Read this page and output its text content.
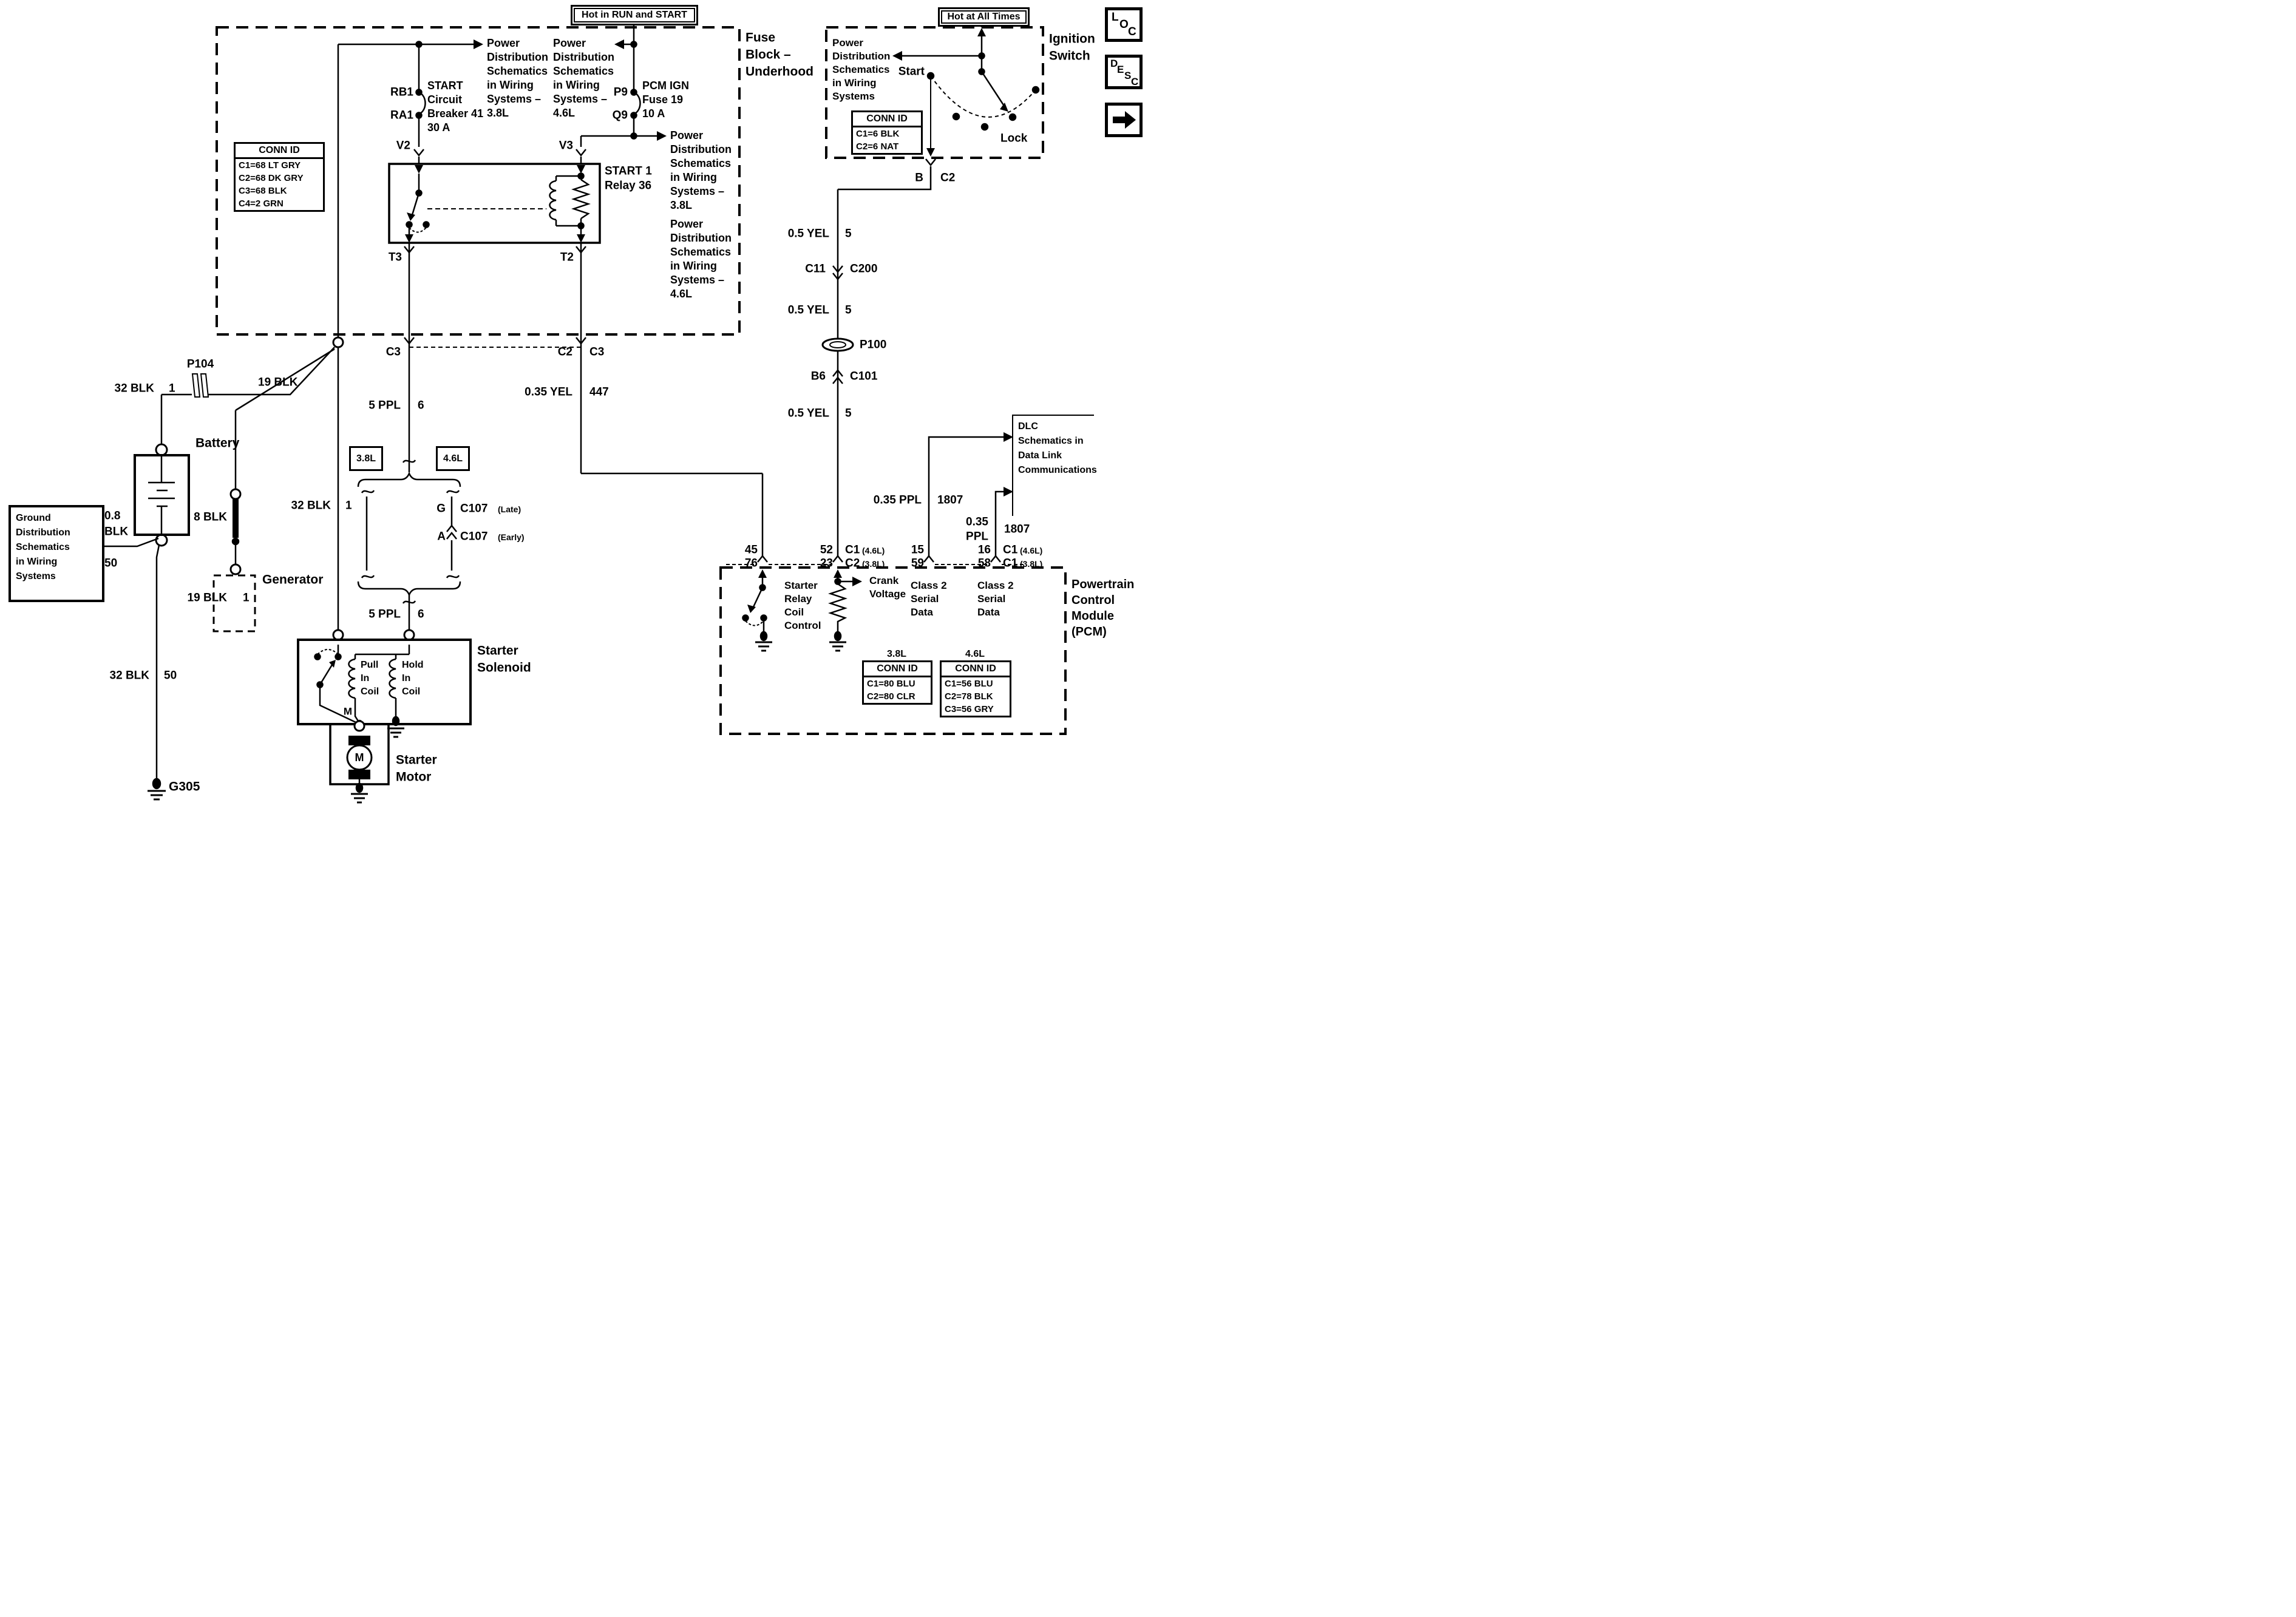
Hot in RUN and START	Hot at All Times
Fuse
Block –
Underhood
Power
Distribution
Schematics
in Wiring
Systems –
3.8L
Power
Distribution
Schematics
in Wiring
Systems –
4.6L
Power
Distribution
Schematics
in Wiring
Systems –
3.8L
Power
Distribution
Schematics
in Wiring
Systems –
4.6L
RB1
RA1
START
Circuit
Breaker 41
30 A
P9
Q9
PCM IGN
Fuse 19
10 A
V2	V3
START 1
Relay 36
T3	T2
CONN ID
C1=68 LT GRY
C2=68 DK GRY
C3=68 BLK
C4=2 GRN
Ignition
Switch
Power
Distribution
Schematics
in Wiring
Systems
Start
Lock
CONN ID
C1=6 BLK
C2=6 NAT
B C2
L
O
C
D
E
S
C
0.5 YEL 5
C11 C200
0.5 YEL 5
P100
B6 C101
0.5 YEL 5
DLC
Schematics in
Data Link
Communications
0.35 PPL 1807
0.35
PPL
1807
C3	C2 C3
5 PPL 6
0.35 YEL 447
3.8L	4.6L
G C107 (Late)
A C107 (Early)
32 BLK 1
5 PPL 6
32 BLK 1
P104
19 BLK
Battery
8 BLK
19 BLK 1
Generator
0.8
BLK
50
Ground
Distribution
Schematics
in Wiring
Systems
32 BLK 50
G305
Starter
Solenoid
Pull
In
Coil
Hold
In
Coil
M
M	Starter
Motor
45
76
52
23
C1 (4.6L)
C2 (3.8L)
15
59
16
58
C1 (4.6L)
C1 (3.8L)
Starter
Relay
Coil
Control
Crank
Voltage
Class 2
Serial
Data
Class 2
Serial
Data
3.8L
CONN ID
C1=80 BLU
C2=80 CLR
4.6L
CONN ID
C1=56 BLU
C2=78 BLK
C3=56 GRY
Powertrain
Control
Module
(PCM)
